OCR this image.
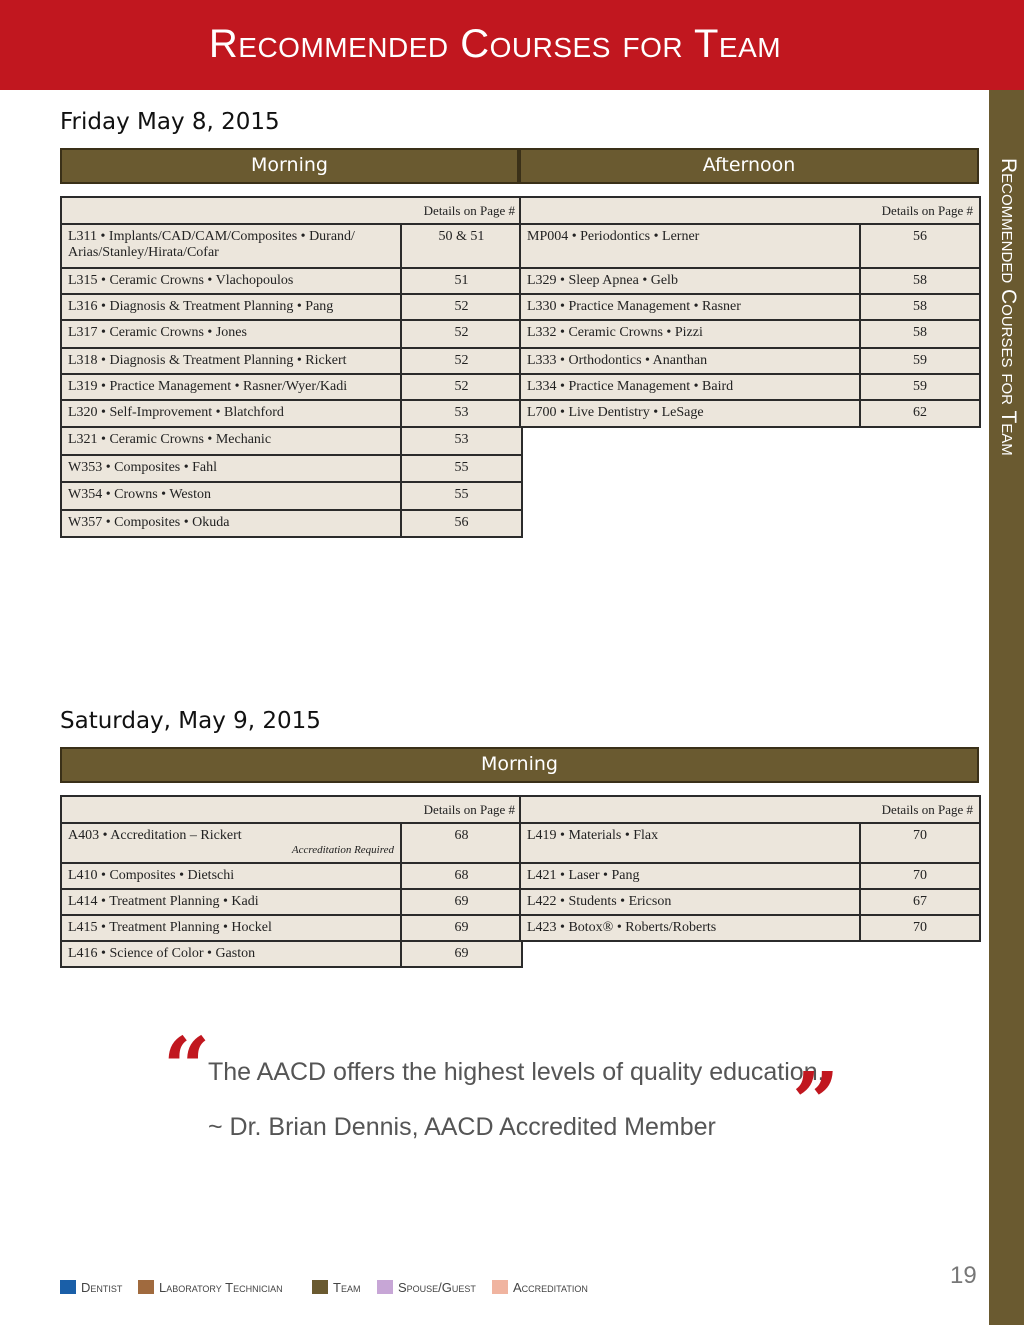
Recommended Courses for Team
Recommended Courses for Team
Friday May 8, 2015
Morning	Afternoon
Details on Page #	
L311 • Implants/CAD/CAM/Composites • Durand/ Arias/Stanley/Hirata/Cofar	50 & 51
L315 • Ceramic Crowns • Vlachopoulos	51
L316 • Diagnosis & Treatment Planning • Pang	52
L317 • Ceramic Crowns • Jones	52
L318 • Diagnosis & Treatment Planning • Rickert	52
L319 • Practice Management • Rasner/Wyer/Kadi	52
L320 • Self-Improvement • Blatchford	53
L321 • Ceramic Crowns • Mechanic	53
W353 • Composites • Fahl	55
W354 • Crowns • Weston	55
W357 • Composites • Okuda	56
Details on Page #	
MP004 • Periodontics • Lerner	56
L329 • Sleep Apnea • Gelb	58
L330 • Practice Management • Rasner	58
L332 • Ceramic Crowns • Pizzi	58
L333 • Orthodontics • Ananthan	59
L334 • Practice Management • Baird	59
L700 • Live Dentistry • LeSage	62
Saturday, May 9, 2015
Morning
Details on Page #	
A403 • Accreditation – Rickert
Accreditation Required	68
L410 • Composites • Dietschi	68
L414 • Treatment Planning • Kadi	69
L415 • Treatment Planning • Hockel	69
L416 • Science of Color • Gaston	69
Details on Page #	
L419 • Materials • Flax	70
L421 • Laser • Pang	70
L422 • Students • Ericson	67
L423 • Botox® • Roberts/Roberts	70
“
The AACD offers the highest levels of quality education.
~ Dr. Brian Dennis, AACD Accredited Member ”
Dentist	Laboratory Technician	Team	Spouse/Guest	Accreditation	19
